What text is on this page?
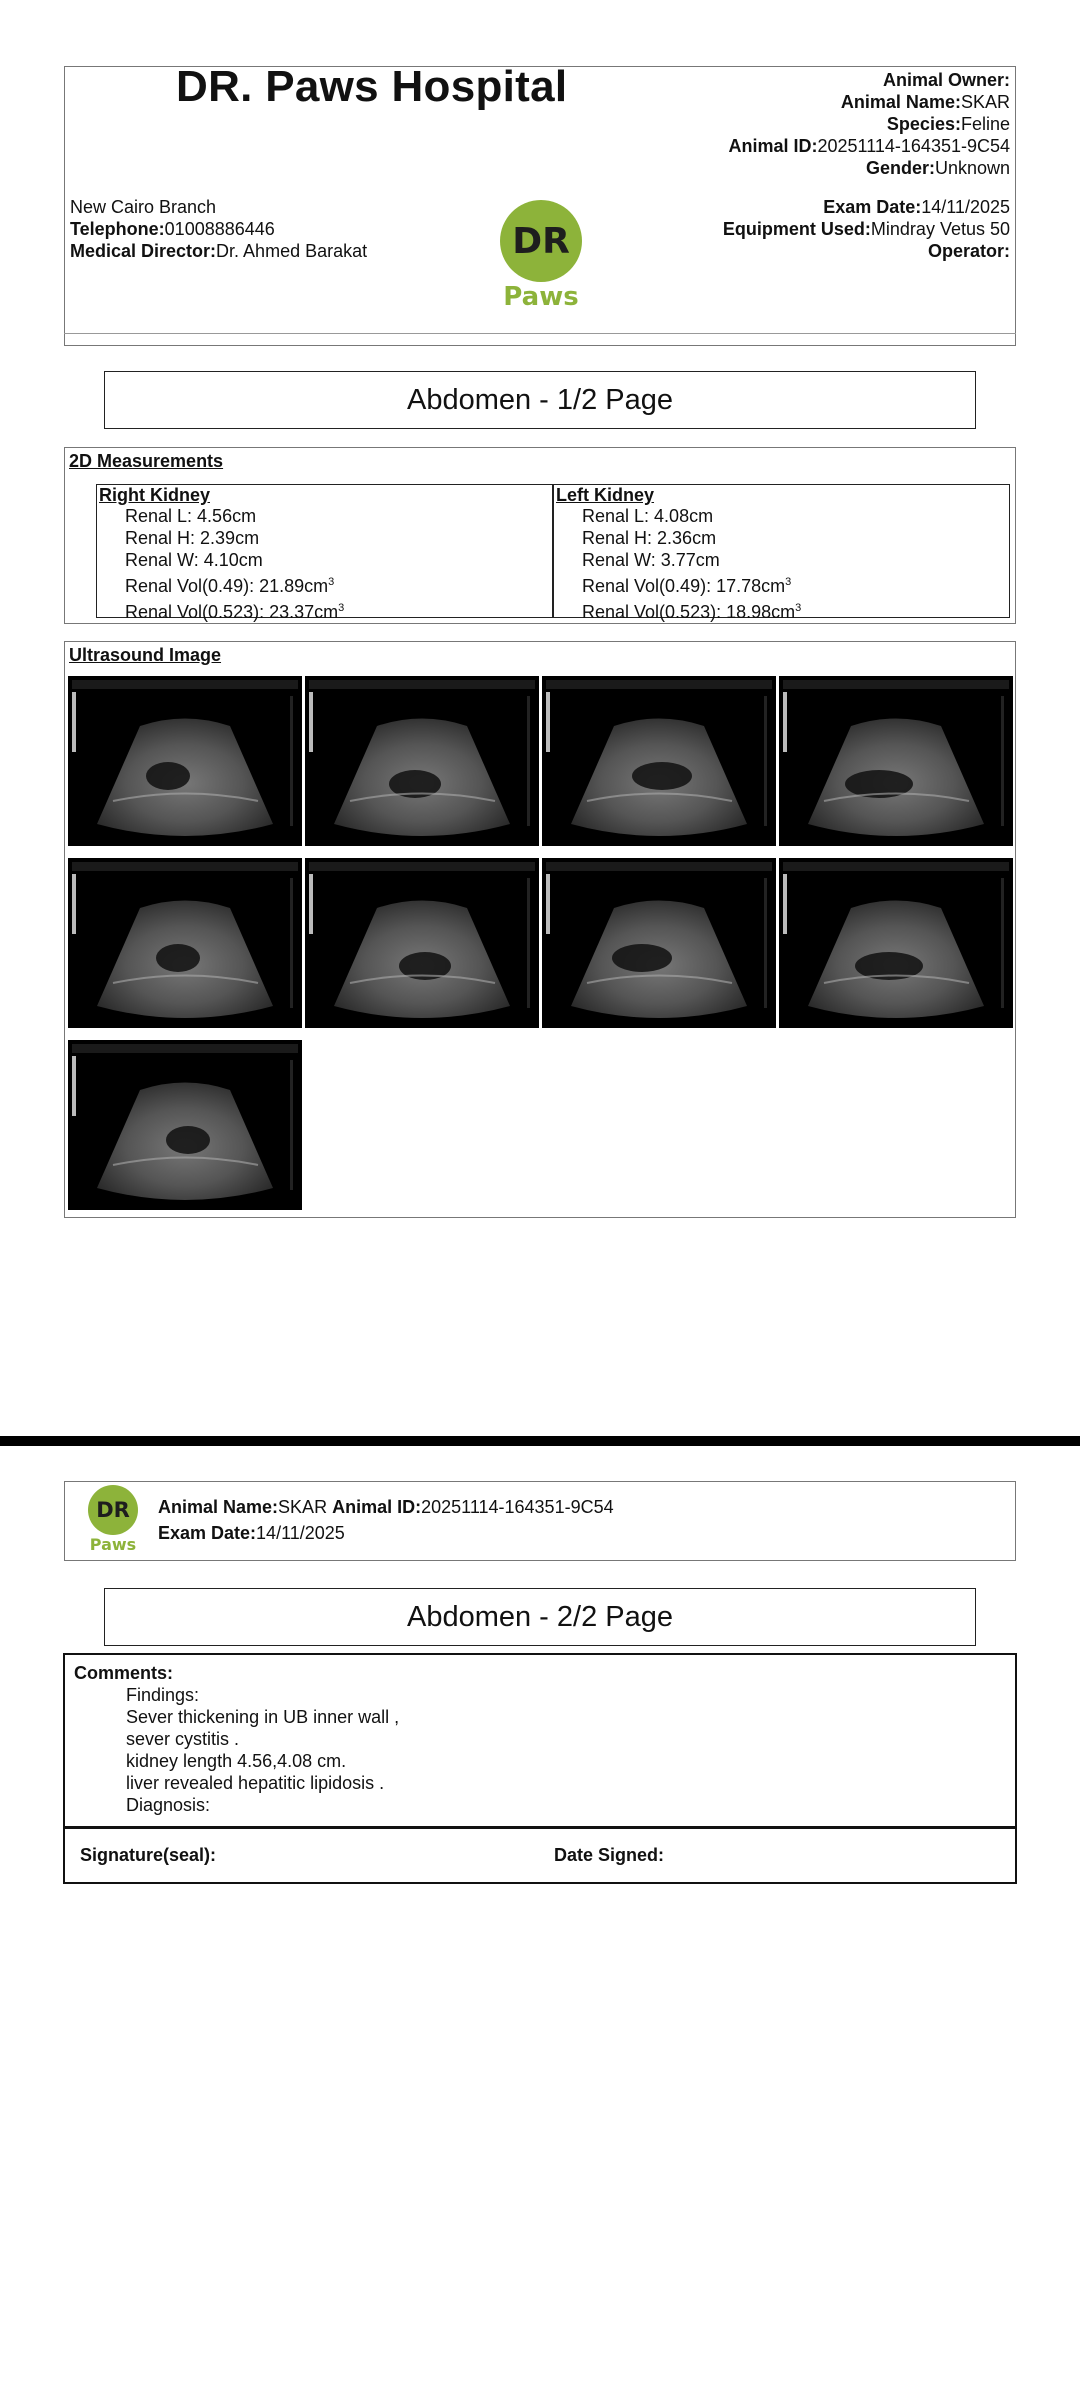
DR. Paws Hospital	Animal Owner:
Animal Name:SKAR
Species:Feline
Animal ID:20251114-164351-9C54
Gender:Unknown
Exam Date:14/11/2025
Equipment Used:Mindray Vetus 50
Operator:
New Cairo Branch
Telephone:01008886446
Medical Director:Dr. Ahmed Barakat	DR
Paws
Abdomen - 1/2 Page
2D Measurements
Right Kidney
Renal L: 4.56cm
Renal H: 2.39cm
Renal W: 4.10cm
Renal Vol(0.49): $21.89cm^3$
Renal Vol(0.523): $23.37cm^3$
Left Kidney
Renal L: 4.08cm
Renal H: 2.36cm
Renal W: 3.77cm
Renal Vol(0.49): $17.78cm^3$
Renal Vol(0.523): $18.98cm^3$
Ultrasound Image
DR
Paws
Animal Name:SKAR Animal ID:20251114-164351-9C54
Exam Date:14/11/2025
Abdomen - 2/2 Page
Comments:
Findings:
Sever thickening in UB inner wall ,
sever cystitis .
kidney length 4.56,4.08 cm.
liver revealed hepatitic lipidosis .
Diagnosis:
Signature(seal):	Date Signed:
